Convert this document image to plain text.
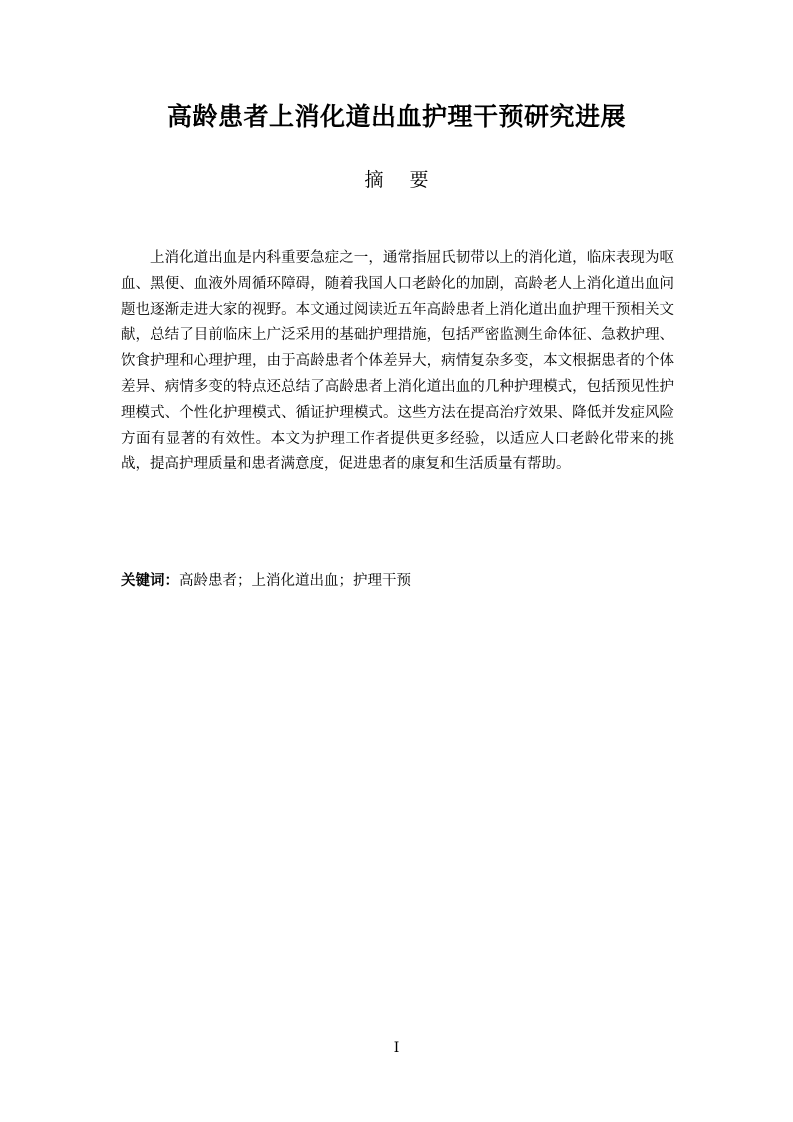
高龄患者上消化道出血护理干预研究进展
摘要

上消化道出血是内科重要急症之一，通常指屈氏韧带以上的消化道，临床表现为呕血、黑便、血液外周循环障碍，随着我国人口老龄化的加剧，高龄老人上消化道出血问题也逐渐走进大家的视野。本文通过阅读近五年高龄患者上消化道出血护理干预相关文献，总结了目前临床上广泛采用的基础护理措施，包括严密监测生命体征、急救护理、饮食护理和心理护理，由于高龄患者个体差异大，病情复杂多变，本文根据患者的个体差异、病情多变的特点还总结了高龄患者上消化道出血的几种护理模式，包括预见性护理模式、个性化护理模式、循证护理模式。这些方法在提高治疗效果、降低并发症风险方面有显著的有效性。本文为护理工作者提供更多经验，以适应人口老龄化带来的挑战，提高护理质量和患者满意度，促进患者的康复和生活质量有帮助。

关键词：高龄患者；上消化道出血；护理干预
I
